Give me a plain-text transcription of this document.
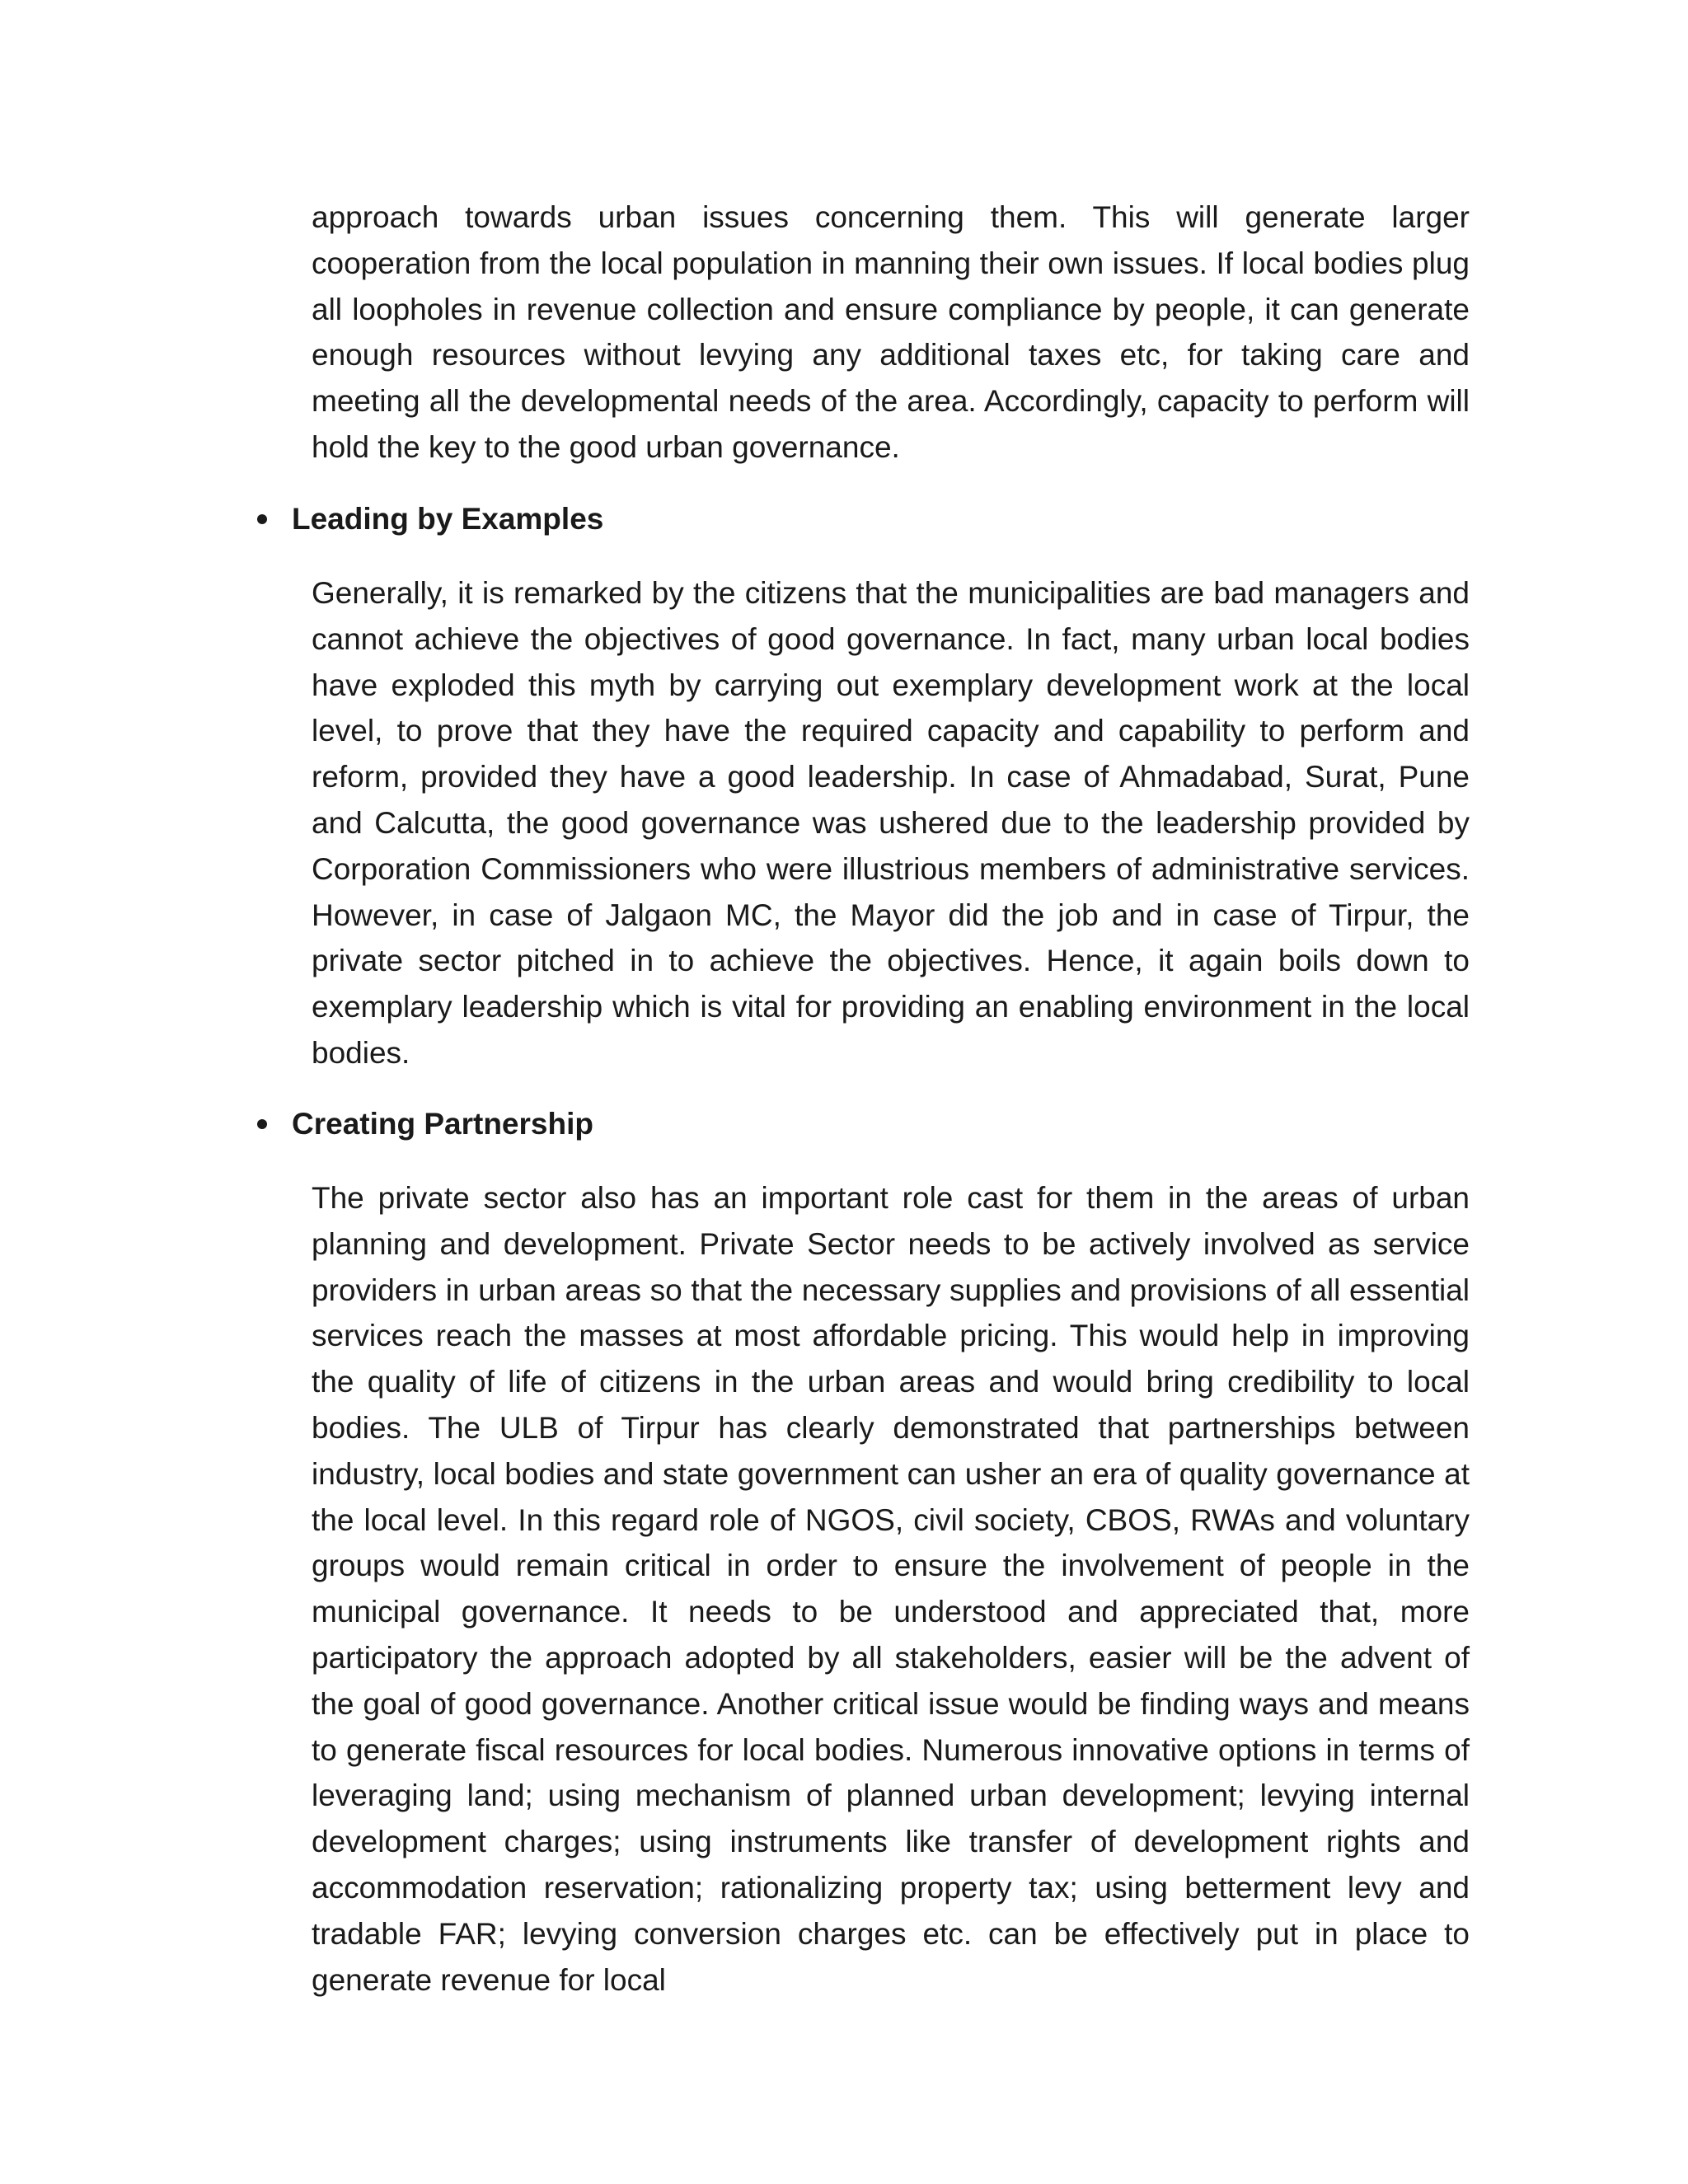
approach towards urban issues concerning them. This will generate larger cooperation from the local population in manning their own issues. If local bodies plug all loopholes in revenue collection and ensure compliance by people, it can generate enough resources without levying any additional taxes etc, for taking care and meeting all the developmental needs of the area. Accordingly, capacity to perform will hold the key to the good urban governance.

Leading by Examples

Generally, it is remarked by the citizens that the municipalities are bad managers and cannot achieve the objectives of good governance. In fact, many urban local bodies have exploded this myth by carrying out exemplary development work at the local level, to prove that they have the required capacity and capability to perform and reform, provided they have a good leadership. In case of Ahmadabad, Surat, Pune and Calcutta, the good governance was ushered due to the leadership provided by Corporation Commissioners who were illustrious members of administrative services. However, in case of Jalgaon MC, the Mayor did the job and in case of Tirpur, the private sector pitched in to achieve the objectives. Hence, it again boils down to exemplary leadership which is vital for providing an enabling environment in the local bodies.

Creating Partnership

The private sector also has an important role cast for them in the areas of urban planning and development. Private Sector needs to be actively involved as service providers in urban areas so that the necessary supplies and provisions of all essential services reach the masses at most affordable pricing. This would help in improving the quality of life of citizens in the urban areas and would bring credibility to local bodies. The ULB of Tirpur has clearly demonstrated that partnerships between industry, local bodies and state government can usher an era of quality governance at the local level. In this regard role of NGOS, civil society, CBOS, RWAs and voluntary groups would remain critical in order to ensure the involvement of people in the municipal governance. It needs to be understood and appreciated that, more participatory the approach adopted by all stakeholders, easier will be the advent of the goal of good governance. Another critical issue would be finding ways and means to generate fiscal resources for local bodies. Numerous innovative options in terms of leveraging land; using mechanism of planned urban development; levying internal development charges; using instruments like transfer of development rights and accommodation reservation; rationalizing property tax; using betterment levy and tradable FAR; levying conversion charges etc. can be effectively put in place to generate revenue for local
